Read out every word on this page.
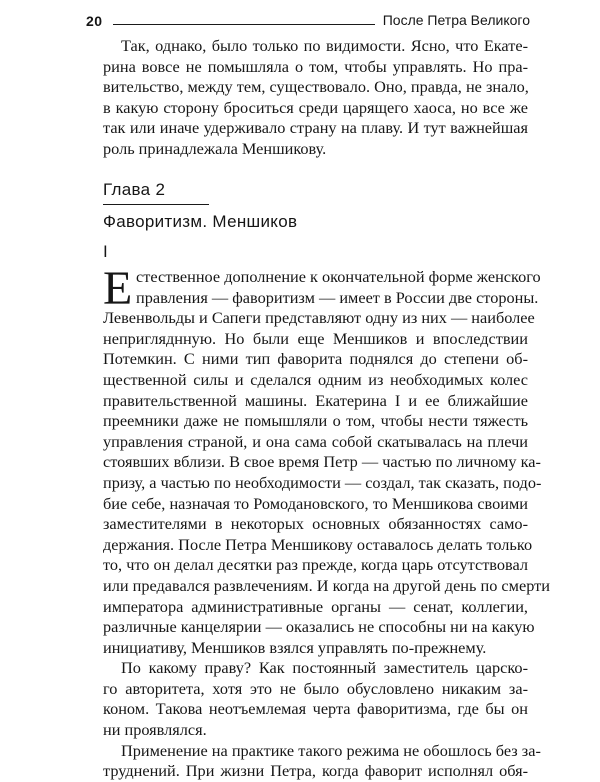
20	После Петра Великого
Так, однако, было только по видимости. Ясно, что Екате-
рина вовсе не помышляла о том, чтобы управлять. Но пра-
вительство, между тем, существовало. Оно, правда, не знало,
в какую сторону броситься среди царящего хаоса, но все же
так или иначе удерживало страну на плаву. И тут важнейшая
роль принадлежала Меншикову.
Глава 2
Фаворитизм. Меншиков
I
Е стественное дополнение к окончательной форме женского
правления — фаворитизм — имеет в России две стороны.
Левенвольды и Сапеги представляют одну из них — наиболее
непригляднную. Но были еще Меншиков и впоследствии
Потемкин. С ними тип фаворита поднялся до степени об-
щественной силы и сделался одним из необходимых колес
правительственной машины. Екатерина I и ее ближайшие
преемники даже не помышляли о том, чтобы нести тяжесть
управления страной, и она сама собой скатывалась на плечи
стоявших вблизи. В свое время Петр — частью по личному ка-
призу, а частью по необходимости — создал, так сказать, подо-
бие себе, назначая то Ромодановского, то Меншикова своими
заместителями в некоторых основных обязанностях само-
держания. После Петра Меншикову оставалось делать только
то, что он делал десятки раз прежде, когда царь отсутствовал
или предавался развлечениям. И когда на другой день по смерти
императора административные органы — сенат, коллегии,
различные канцелярии — оказались не способны ни на какую
инициативу, Меншиков взялся управлять по-прежнему.
По какому праву? Как постоянный заместитель царско-
го авторитета, хотя это не было обусловлено никаким за-
коном. Такова неотъемлемая черта фаворитизма, где бы он
ни проявлялся.
Применение на практике такого режима не обошлось без за-
труднений. При жизни Петра, когда фаворит исполнял обя-
